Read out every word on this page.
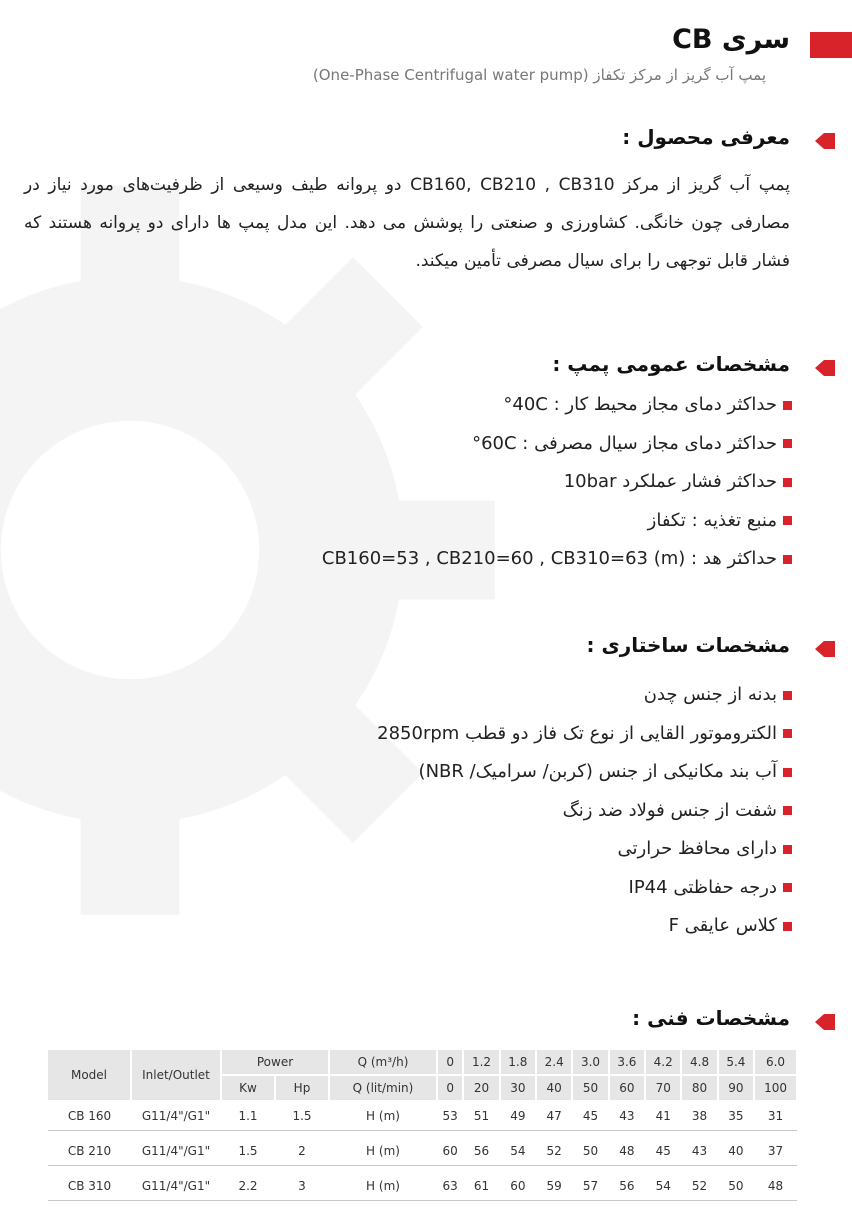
سری CB
پمپ آب گریز از مرکز تکفاز (One-Phase Centrifugal water pump)
معرفی محصول :
پمپ آب گریز از مرکز CB160, CB210 , CB310 دو پروانه طیف وسیعی از ظرفیت‌های مورد نیاز در مصارفی چون خانگی. کشاورزی و صنعتی را پوشش می دهد. این مدل پمپ ها دارای دو پروانه هستند که فشار قابل توجهی را برای سیال مصرفی تأمین میکند.
مشخصات عمومی پمپ :
حداکثر دمای مجاز محیط کار : 40C°
حداکثر دمای مجاز سیال مصرفی : 60C°
حداکثر فشار عملکرد 10bar
منبع تغذیه : تکفاز
حداکثر هد : CB160=53 , CB210=60 , CB310=63 (m)
مشخصات ساختاری :
بدنه از جنس چدن
الکتروموتور القایی از نوع تک فاز دو قطب 2850rpm
آب بند مکانیکی از جنس (کربن/ سرامیک/ NBR)
شفت از جنس فولاد ضد زنگ
دارای محافظ حرارتی
درجه حفاظتی IP44
کلاس عایقی F
مشخصات فنی :
Model	Inlet/Outlet	Power		Q (m³/h)	0	1.2	1.8	2.4	3.0	3.6	4.2	4.8	5.4	6.0
		Kw	Hp	Q (lit/min)	0	20	30	40	50	60	70	80	90	100
CB 160	G11/4"/G1"	1.1	1.5	H (m)	53	51	49	47	45	43	41	38	35	31

CB 210	G11/4"/G1"	1.5	2	H (m)	60	56	54	52	50	48	45	43	40	37

CB 310	G11/4"/G1"	2.2	3	H (m)	63	61	60	59	57	56	54	52	50	48
